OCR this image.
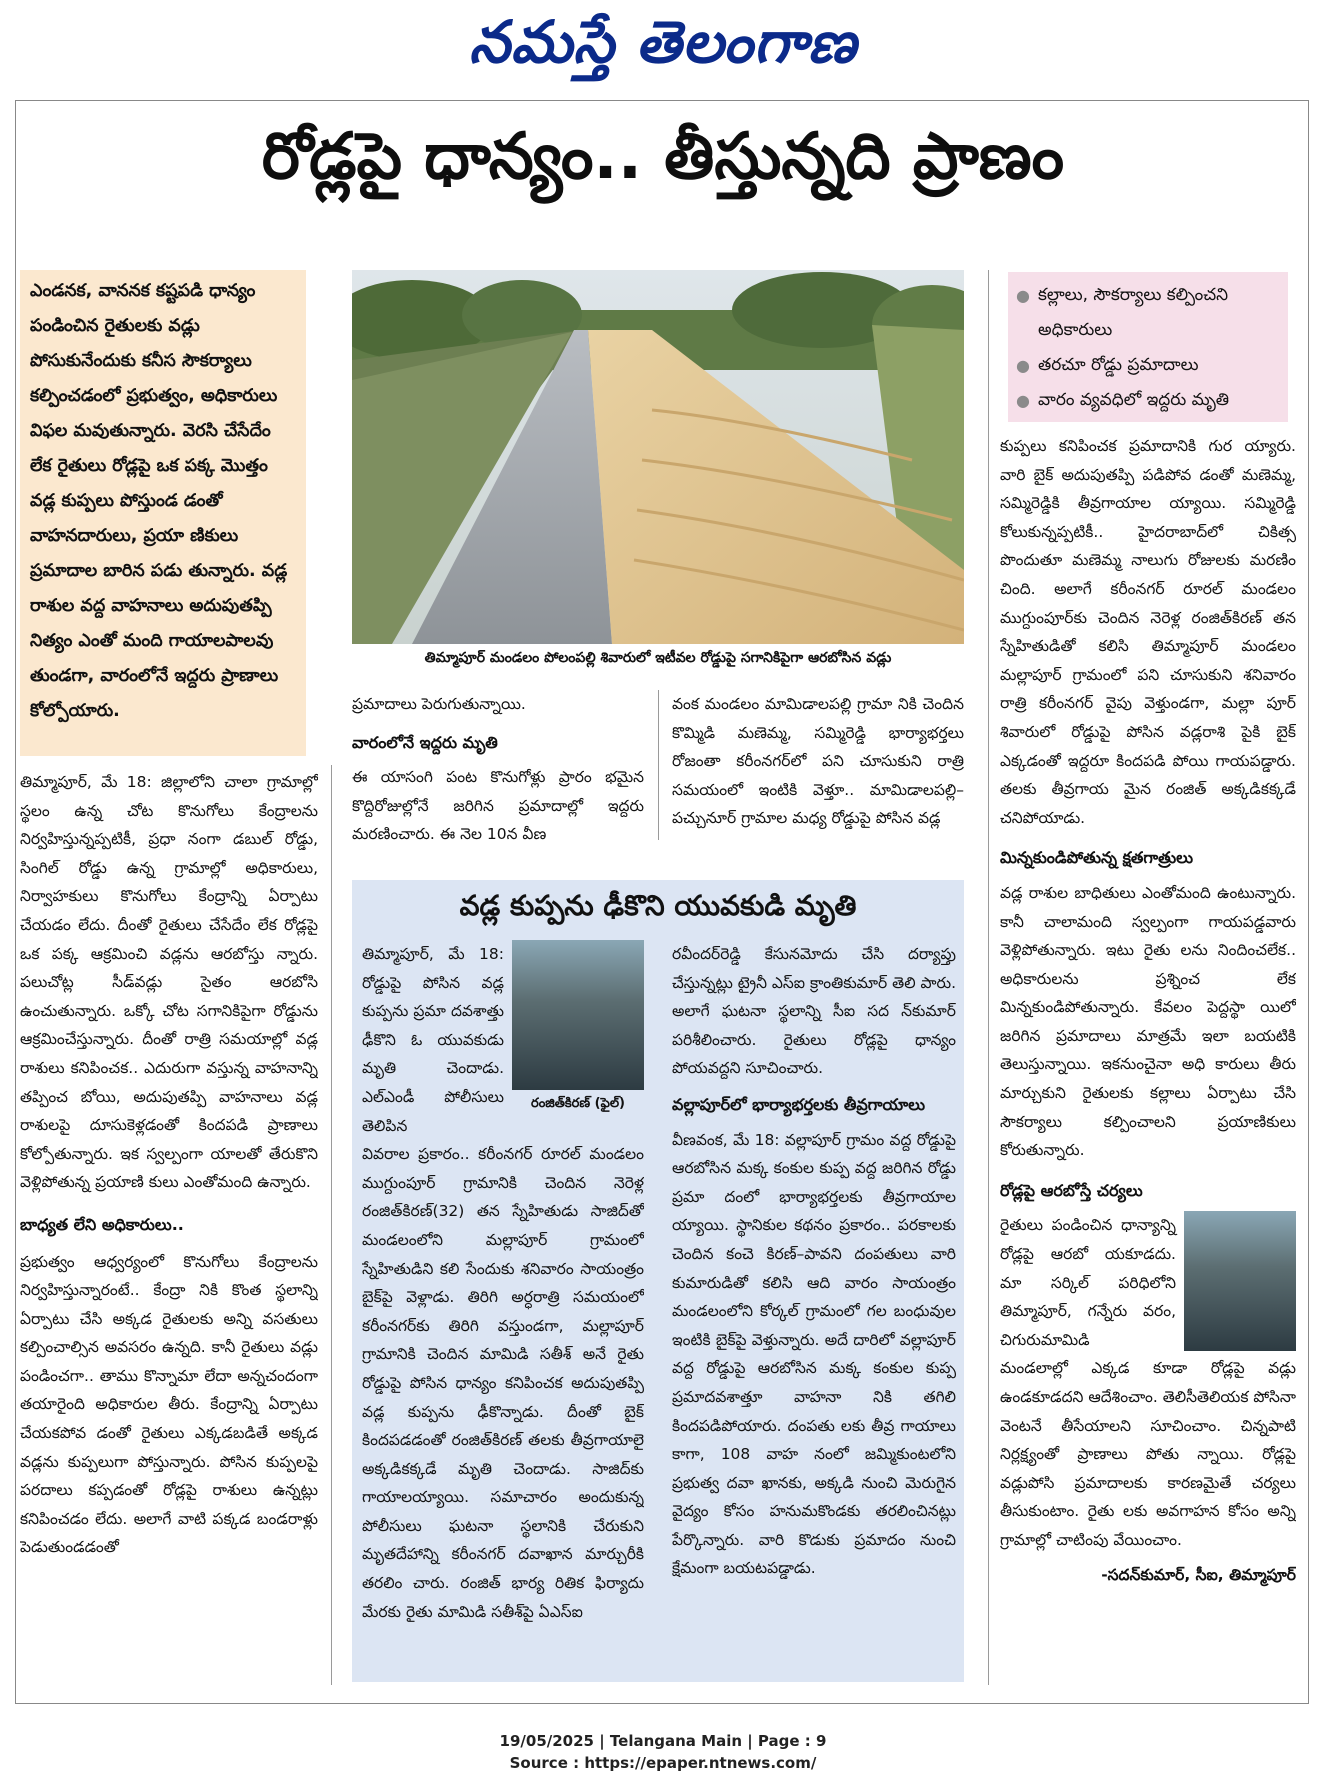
నమస్తే తెలంగాణ
రోడ్లపై ధాన్యం.. తీస్తున్నది ప్రాణం
ఎండనక, వాననక కష్టపడి ధాన్యం పండించిన రైతులకు వడ్లు పోసుకునేందుకు కనీస సౌకర్యాలు కల్పించడంలో ప్రభుత్వం, అధికారులు విఫల మవుతున్నారు. వెరసి చేసేదేం లేక రైతులు రోడ్లపై ఒక పక్క మొత్తం వడ్ల కుప్పలు పోస్తుండ డంతో వాహనదారులు, ప్రయా ణికులు ప్రమాదాల బారిన పడు తున్నారు. వడ్ల రాశుల వద్ద వాహనాలు అదుపుతప్పి నిత్యం ఎంతో మంది గాయాలపాలవు తుండగా, వారంలోనే ఇద్దరు ప్రాణాలు కోల్పోయారు.
తిమ్మాపూర్ మండలం పోలంపల్లి శివారులో ఇటీవల రోడ్డుపై సగానికిపైగా ఆరబోసిన వడ్లు
● కల్లాలు, సౌకర్యాలు కల్పించని అధికారులు
● తరచూ రోడ్డు ప్రమాదాలు
● వారం వ్యవధిలో ఇద్దరు మృతి
తిమ్మాపూర్, మే 18: జిల్లాలోని చాలా గ్రామాల్లో స్థలం ఉన్న చోట కొనుగోలు కేంద్రాలను నిర్వహిస్తున్నప్పటికీ, ప్రధా నంగా డబుల్ రోడ్డు, సింగిల్ రోడ్డు ఉన్న గ్రామాల్లో అధికారులు, నిర్వాహకులు కొనుగోలు కేంద్రాన్ని ఏర్పాటు చేయడం లేదు. దీంతో రైతులు చేసేదేం లేక రోడ్లపై ఒక పక్క ఆక్రమించి వడ్లను ఆరబోస్తు న్నారు. పలుచోట్ల సీడ్‌వడ్లు సైతం ఆరబోసి ఉంచుతున్నారు. ఒక్కో చోట సగానికిపైగా రోడ్డును ఆక్రమించేస్తున్నారు. దీంతో రాత్రి సమయాల్లో వడ్ల రాశులు కనిపించక.. ఎదురుగా వస్తున్న వాహనాన్ని తప్పించ బోయి, అదుపుతప్పి వాహనాలు వడ్ల రాశులపై దూసుకెళ్లడంతో కిందపడి ప్రాణాలు కోల్పోతున్నారు. ఇక స్వల్పంగా యాలతో తేరుకొని వెళ్లిపోతున్న ప్రయాణి కులు ఎంతోమంది ఉన్నారు.
బాధ్యత లేని అధికారులు..
ప్రభుత్వం ఆధ్వర్యంలో కొనుగోలు కేంద్రాలను నిర్వహిస్తున్నారంటే.. కేంద్రా నికి కొంత స్థలాన్ని ఏర్పాటు చేసి అక్కడ రైతులకు అన్ని వసతులు కల్పించాల్సిన అవసరం ఉన్నది. కానీ రైతులు వడ్లు పండించగా.. తాము కొన్నామా లేదా అన్నచందంగా తయారైంది అధికారుల తీరు. కేంద్రాన్ని ఏర్పాటు చేయకపోవ డంతో రైతులు ఎక్కడబడితే అక్కడ వడ్లను కుప్పలుగా పోస్తున్నారు. పోసిన కుప్పలపై పరదాలు కప్పడంతో రోడ్లపై రాశులు ఉన్నట్లు కనిపించడం లేదు. అలాగే వాటి పక్కడ బండరాళ్లు పెడుతుండడంతో
ప్రమాదాలు పెరుగుతున్నాయి.
వారంలోనే ఇద్దరు మృతి
ఈ యాసంగి పంట కొనుగోళ్లు ప్రారం భమైన కొద్దిరోజుల్లోనే జరిగిన ప్రమాదాల్లో ఇద్దరు మరణించారు. ఈ నెల 10న వీణ
వంక మండలం మామిడాలపల్లి గ్రామా నికి చెందిన కొమ్మిడి మణెమ్మ, సమ్మిరెడ్డి భార్యాభర్తలు రోజంతా కరీంనగర్‌లో పని చూసుకుని రాత్రి సమయంలో ఇంటికి వెళ్తూ.. మామిడాలపల్లి–పచ్చునూర్ గ్రామాల మధ్య రోడ్డుపై పోసిన వడ్ల
కుప్పలు కనిపించక ప్రమాదానికి గుర య్యారు. వారి బైక్ అదుపుతప్పి పడిపోవ డంతో మణెమ్మ, సమ్మిరెడ్డికి తీవ్రగాయాల య్యాయి. సమ్మిరెడ్డి కోలుకున్నప్పటికీ.. హైదరాబాద్‌లో చికిత్స పొందుతూ మణెమ్మ నాలుగు రోజులకు మరణిం చింది. అలాగే కరీంనగర్ రూరల్ మండలం ముగ్దుంపూర్‌కు చెందిన నెరెళ్ల రంజిత్‌కిరణ్ తన స్నేహితుడితో కలిసి తిమ్మాపూర్ మండలం మల్లాపూర్ గ్రామంలో పని చూసుకుని శనివారం రాత్రి కరీంనగర్ వైపు వెళ్తుండగా, మల్లా పూర్ శివారులో రోడ్డుపై పోసిన వడ్లరాశి పైకి బైక్ ఎక్కడంతో ఇద్దరూ కిందపడి పోయి గాయపడ్డారు. తలకు తీవ్రగాయ మైన రంజిత్ అక్కడికక్కడే చనిపోయాడు.
మిన్నకుండిపోతున్న క్షతగాత్రులు
వడ్ల రాశుల బాధితులు ఎంతోమంది ఉంటున్నారు. కానీ చాలామంది స్వల్పంగా గాయపడ్డవారు వెళ్లిపోతున్నారు. ఇటు రైతు లను నిందించలేక.. అధికారులను ప్రశ్నించ లేక మిన్నకుండిపోతున్నారు. కేవలం పెద్దస్థా యిలో జరిగిన ప్రమాదాలు మాత్రమే ఇలా బయటికి తెలుస్తున్నాయి. ఇకనుంచైనా అధి కారులు తీరు మార్చుకుని రైతులకు కల్లాలు ఏర్పాటు చేసి సౌకర్యాలు కల్పించాలని ప్రయాణికులు కోరుతున్నారు.
రోడ్లపై ఆరబోస్తే చర్యలు
రైతులు పండించిన ధాన్యాన్ని రోడ్లపై ఆరబో యకూడదు. మా సర్కిల్ పరిధిలోని తిమ్మాపూర్, గన్నేరు వరం, చిగురుమామిడి
మండలాల్లో ఎక్కడ కూడా రోడ్లపై వడ్లు ఉండకూడదని ఆదేశించాం. తెలిసీతెలియక పోసినా వెంటనే తీసేయాలని సూచించాం. చిన్నపాటి నిర్లక్ష్యంతో ప్రాణాలు పోతు న్నాయి. రోడ్లపై వడ్లుపోసి ప్రమాదాలకు కారణమైతే చర్యలు తీసుకుంటాం. రైతు లకు అవగాహన కోసం అన్ని గ్రామాల్లో చాటింపు వేయించాం.
-సదన్‌కుమార్, సీఐ, తిమ్మాపూర్
వడ్ల కుప్పను ఢీకొని యువకుడి మృతి
తిమ్మాపూర్, మే 18: రోడ్డుపై పోసిన వడ్ల కుప్పను ప్రమా దవశాత్తు ఢీకొని ఓ యువకుడు మృతి చెందాడు. ఎల్ఎండీ పోలీసులు తెలిపిన
రంజిత్‌కిరణ్ (ఫైల్)
వివరాల ప్రకారం.. కరీంనగర్ రూరల్ మండలం ముగ్దుంపూర్ గ్రామానికి చెందిన నెరెళ్ల రంజిత్‌కిరణ్(32) తన స్నేహితుడు సాజిద్‌తో మండలంలోని మల్లాపూర్ గ్రామంలో స్నేహితుడిని కలి సేందుకు శనివారం సాయంత్రం బైక్‌పై వెళ్లాడు. తిరిగి అర్ధరాత్రి సమయంలో కరీంనగర్‌కు తిరిగి వస్తుండగా, మల్లాపూర్ గ్రామానికి చెందిన మామిడి సతీశ్ అనే రైతు రోడ్డుపై పోసిన ధాన్యం కనిపించక అదుపుతప్పి వడ్ల కుప్పను ఢీకొన్నాడు. దీంతో బైక్ కిందపడడంతో రంజిత్‌కిరణ్ తలకు తీవ్రగాయాలై అక్కడికక్కడే మృతి చెందాడు. సాజిద్‌కు గాయాలయ్యాయి. సమాచారం అందుకున్న పోలీసులు ఘటనా స్థలానికి చేరుకుని మృతదేహాన్ని కరీంనగర్ దవాఖాన మార్చురీకి తరలిం చారు. రంజిత్ భార్య రితిక ఫిర్యాదు మేరకు రైతు మామిడి సతీశ్‌పై ఏఎస్ఐ
రవీందర్‌రెడ్డి కేసునమోదు చేసి దర్యాప్తు చేస్తున్నట్లు ట్రైనీ ఎస్ఐ క్రాంతికుమార్ తెలి పారు. అలాగే ఘటనా స్థలాన్ని సీఐ సద న్‌కుమార్ పరిశీలించారు. రైతులు రోడ్లపై ధాన్యం పోయవద్దని సూచించారు.
వల్లాపూర్‌లో భార్యాభర్తలకు తీవ్రగాయాలు
వీణవంక, మే 18: వల్లాపూర్ గ్రామం వద్ద రోడ్డుపై ఆరబోసిన మక్క కంకుల కుప్ప వద్ద జరిగిన రోడ్డు ప్రమా దంలో భార్యాభర్తలకు తీవ్రగాయాల య్యాయి. స్థానికుల కథనం ప్రకారం.. పరకాలకు చెందిన కంచె కిరణ్–పావని దంపతులు వారి కుమారుడితో కలిసి ఆది వారం సాయంత్రం మండలంలోని కోర్కల్ గ్రామంలో గల బంధువుల ఇంటికి బైక్‌పై వెళ్తున్నారు. అదే దారిలో వల్లాపూర్ వద్ద రోడ్డుపై ఆరబోసిన మక్క కంకుల కుప్ప ప్రమాదవశాత్తూ వాహనా నికి తగిలి కిందపడిపోయారు. దంపతు లకు తీవ్ర గాయాలు కాగా, 108 వాహ నంలో జమ్మికుంటలోని ప్రభుత్వ దవా ఖానకు, అక్కడి నుంచి మెరుగైన వైద్యం కోసం హనుమకొండకు తరలించినట్లు పేర్కొన్నారు. వారి కొడుకు ప్రమాదం నుంచి క్షేమంగా బయటపడ్డాడు.
19/05/2025 | Telangana Main | Page : 9
Source : https://epaper.ntnews.com/
